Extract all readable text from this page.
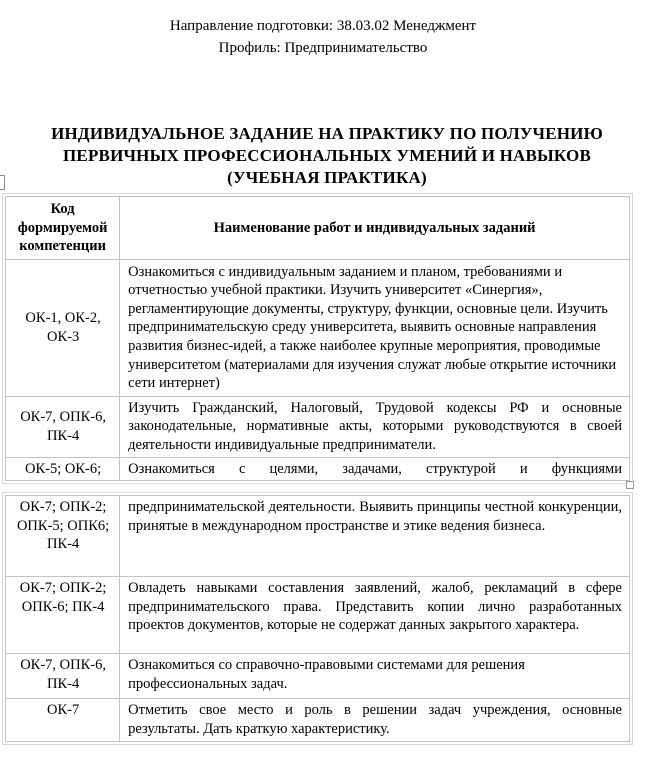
Направление подготовки: 38.03.02 Менеджмент
Профиль: Предпринимательство
ИНДИВИДУАЛЬНОЕ ЗАДАНИЕ НА ПРАКТИКУ ПО ПОЛУЧЕНИЮ ПЕРВИЧНЫХ ПРОФЕССИОНАЛЬНЫХ УМЕНИЙ И НАВЫКОВ (УЧЕБНАЯ ПРАКТИКА)
Код формируемой компетенции	Наименование работ и индивидуальных заданий
ОК-1, ОК-2, ОК-3	Ознакомиться с индивидуальным заданием и планом, требованиями и отчетностью учебной практики. Изучить университет «Синергия», регламентирующие документы, структуру, функции, основные цели. Изучить предпринимательскую среду университета, выявить основные направления развития бизнес-идей, а также наиболее крупные мероприятия, проводимые университетом (материалами для изучения служат любые открытие источники сети интернет)
ОК-7, ОПК-6, ПК-4	Изучить Гражданский, Налоговый, Трудовой кодексы РФ и основные законодательные, нормативные акты, которыми руководствуются в своей деятельности индивидуальные предприниматели.
ОК-5; ОК-6;	Ознакомиться с целями, задачами, структурой и функциями
ОК-7; ОПК-2; ОПК-5; ОПК6; ПК-4	предпринимательской деятельности. Выявить принципы честной конкуренции, принятые в международном пространстве и этике ведения бизнеса.
ОК-7; ОПК-2; ОПК-6; ПК-4	Овладеть навыками составления заявлений, жалоб, рекламаций в сфере предпринимательского права. Представить копии лично разработанных проектов документов, которые не содержат данных закрытого характера.
ОК-7, ОПК-6, ПК-4	Ознакомиться со справочно-правовыми системами для решения профессиональных задач.
ОК-7	Отметить свое место и роль в решении задач учреждения, основные результаты. Дать краткую характеристику.
